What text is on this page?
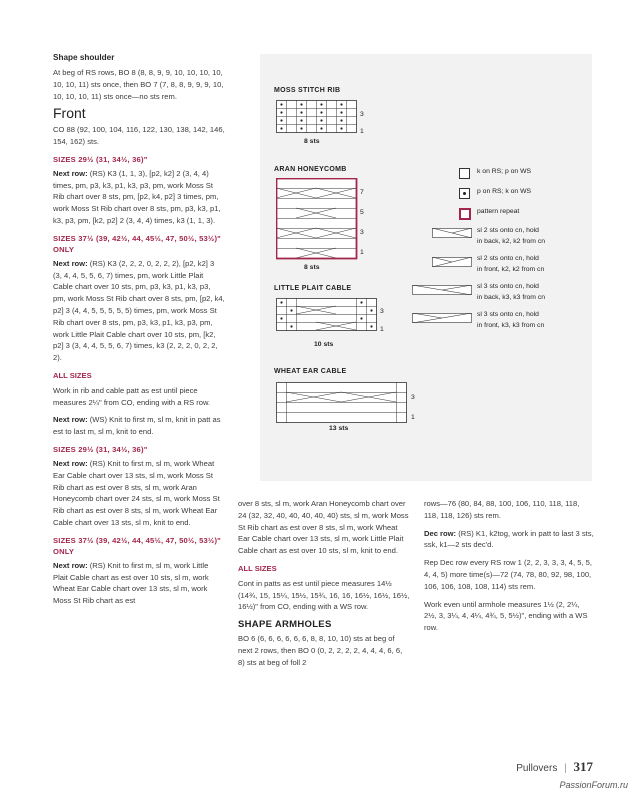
Shape shoulder

At beg of RS rows, BO 8 (8, 8, 9, 9, 10, 10, 10, 10, 10, 10, 11) sts once, then BO 7 (7, 8, 8, 9, 9, 9, 10, 10, 10, 10, 11) sts once—no sts rem.

Front

CO 88 (92, 100, 104, 116, 122, 130, 138, 142, 146, 154, 162) sts.

SIZES 29½ (31, 34½, 36)"

Next row: (RS) K3 (1, 1, 3), [p2, k2] 2 (3, 4, 4) times, pm, p3, k3, p1, k3, p3, pm, work Moss St Rib chart over 8 sts, pm, [p2, k4, p2] 3 times, pm, work Moss St Rib chart over 8 sts, pm, p3, k3, p1, k3, p3, pm, [k2, p2] 2 (3, 4, 4) times, k3 (1, 1, 3).

SIZES 37½ (39, 42½, 44, 45½, 47, 50½, 53½)" ONLY

Next row: (RS) K3 (2, 2, 2, 0, 2, 2, 2), [p2, k2] 3 (3, 4, 4, 5, 5, 6, 7) times, pm, work Little Plait Cable chart over 10 sts, pm, p3, k3, p1, k3, p3, pm, work Moss St Rib chart over 8 sts, pm, [p2, k4, p2] 3 (4, 4, 5, 5, 5, 5, 5) times, pm, work Moss St Rib chart over 8 sts, pm, p3, k3, p1, k3, p3, pm, work Little Plait Cable chart over 10 sts, pm, [k2, p2] 3 (3, 4, 4, 5, 5, 6, 7) times, k3 (2, 2, 2, 0, 2, 2, 2).

ALL SIZES

Work in rib and cable patt as est until piece measures 2¼" from CO, ending with a RS row.

Next row: (WS) Knit to first m, sl m, knit in patt as est to last m, sl m, knit to end.

SIZES 29½ (31, 34½, 36)"

Next row: (RS) Knit to first m, sl m, work Wheat Ear Cable chart over 13 sts, sl m, work Moss St Rib chart as est over 8 sts, sl m, work Aran Honeycomb chart over 24 sts, sl m, work Moss St Rib chart as est over 8 sts, sl m, work Wheat Ear Cable chart over 13 sts, sl m, knit to end.

SIZES 37½ (39, 42½, 44, 45½, 47, 50½, 53½)" ONLY

Next row: (RS) Knit to first m, sl m, work Little Plait Cable chart as est over 10 sts, sl m, work Wheat Ear Cable chart over 13 sts, sl m, work Moss St Rib chart as est

MOSS STITCH RIB
ARAN HONEYCOMB
LITTLE PLAIT CABLE
WHEAT EAR CABLE
3
1
8 sts
7
5
3
1
8 sts
3
1
10 sts
3
1
13 sts
k on RS; p on WS
p on RS; k on WS
pattern repeat
sl 2 sts onto cn, hold
in back, k2, k2 from cn
sl 2 sts onto cn, hold
in front, k2, k2 from cn
sl 3 sts onto cn, hold
in back, k3, k3 from cn
sl 3 sts onto cn, hold
in front, k3, k3 from cn

over 8 sts, sl m, work Aran Honeycomb chart over 24 (32, 32, 40, 40, 40, 40, 40) sts, sl m, work Moss St Rib chart as est over 8 sts, sl m, work Wheat Ear Cable chart over 13 sts, sl m, work Little Plait Cable chart as est over 10 sts, sl m, knit to end.

ALL SIZES

Cont in patts as est until piece measures 14½ (14¾, 15, 15¼, 15½, 15¾, 16, 16, 16½, 16½, 16½, 16½)" from CO, ending with a WS row.

SHAPE ARMHOLES

BO 6 (6, 6, 6, 6, 6, 6, 8, 8, 10, 10) sts at beg of next 2 rows, then BO 0 (0, 2, 2, 2, 2, 4, 4, 4, 6, 6, 8) sts at beg of foll 2

rows—76 (80, 84, 88, 100, 106, 110, 118, 118, 118, 118, 126) sts rem.

Dec row: (RS) K1, k2tog, work in patt to last 3 sts, ssk, k1—2 sts dec'd.

Rep Dec row every RS row 1 (2, 2, 3, 3, 3, 4, 5, 5, 4, 4, 5) more time(s)—72 (74, 78, 80, 92, 98, 100, 106, 106, 108, 108, 114) sts rem.

Work even until armhole measures 1½ (2, 2¼, 2½, 3, 3¼, 4, 4¼, 4¾, 5, 5½)", ending with a WS row.

Pullovers | 317
PassionForum.ru
